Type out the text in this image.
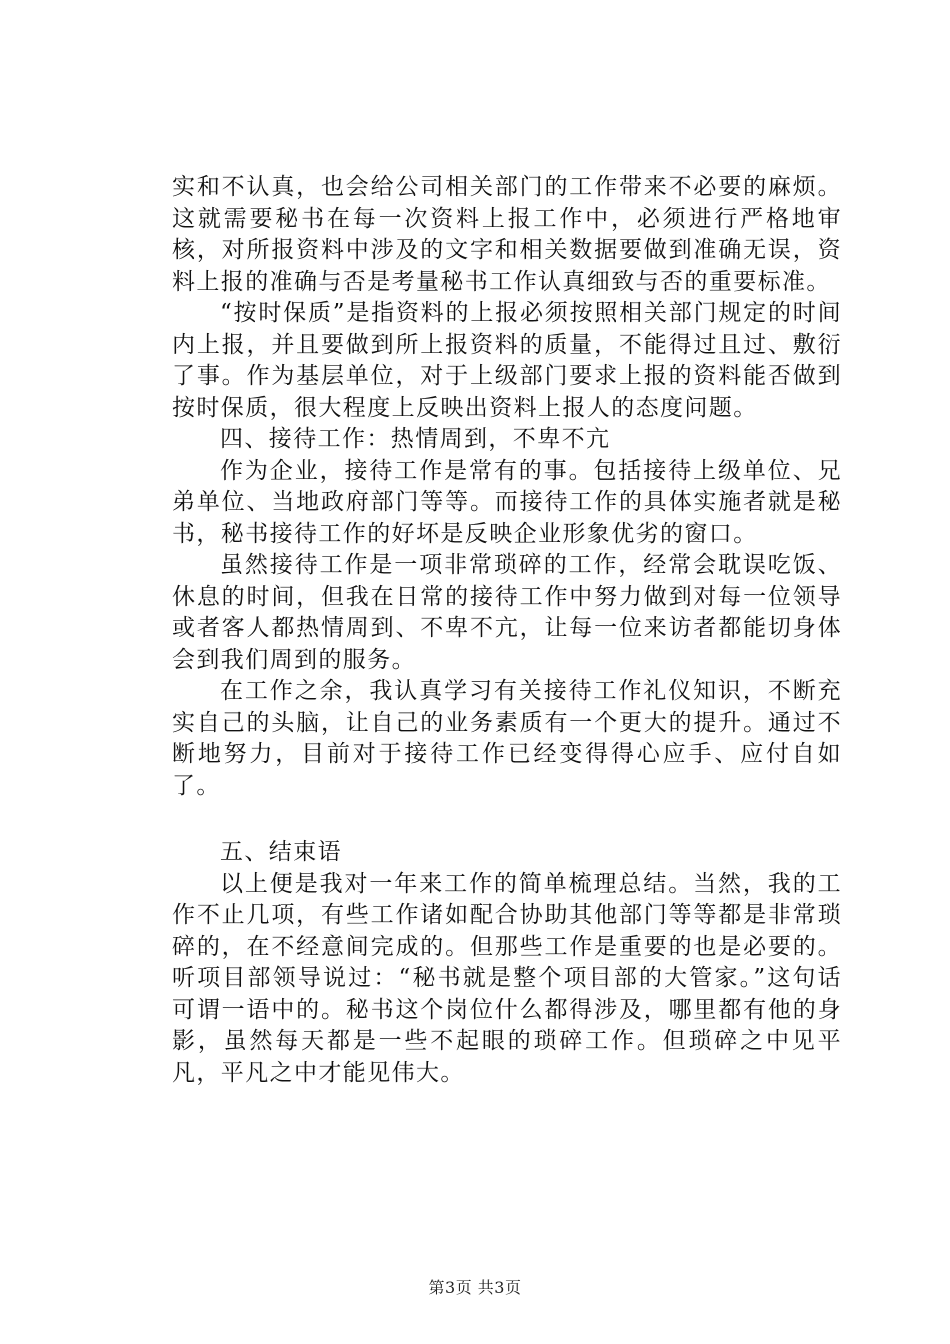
实和不认真，也会给公司相关部门的工作带来不必要的麻烦。这就需要秘书在每一次资料上报工作中，必须进行严格地审核，对所报资料中涉及的文字和相关数据要做到准确无误，资料上报的准确与否是考量秘书工作认真细致与否的重要标准。

“按时保质”是指资料的上报必须按照相关部门规定的时间内上报，并且要做到所上报资料的质量，不能得过且过、敷衍了事。作为基层单位，对于上级部门要求上报的资料能否做到按时保质，很大程度上反映出资料上报人的态度问题。

四、接待工作：热情周到，不卑不亢

作为企业，接待工作是常有的事。包括接待上级单位、兄弟单位、当地政府部门等等。而接待工作的具体实施者就是秘书，秘书接待工作的好坏是反映企业形象优劣的窗口。

虽然接待工作是一项非常琐碎的工作，经常会耽误吃饭、休息的时间，但我在日常的接待工作中努力做到对每一位领导或者客人都热情周到、不卑不亢，让每一位来访者都能切身体会到我们周到的服务。

在工作之余，我认真学习有关接待工作礼仪知识，不断充实自己的头脑，让自己的业务素质有一个更大的提升。通过不断地努力，目前对于接待工作已经变得得心应手、应付自如了。

五、结束语

以上便是我对一年来工作的简单梳理总结。当然，我的工作不止几项，有些工作诸如配合协助其他部门等等都是非常琐碎的，在不经意间完成的。但那些工作是重要的也是必要的。听项目部领导说过：“秘书就是整个项目部的大管家。”这句话可谓一语中的。秘书这个岗位什么都得涉及，哪里都有他的身影，虽然每天都是一些不起眼的琐碎工作。但琐碎之中见平凡，平凡之中才能见伟大。

第3页 共3页
